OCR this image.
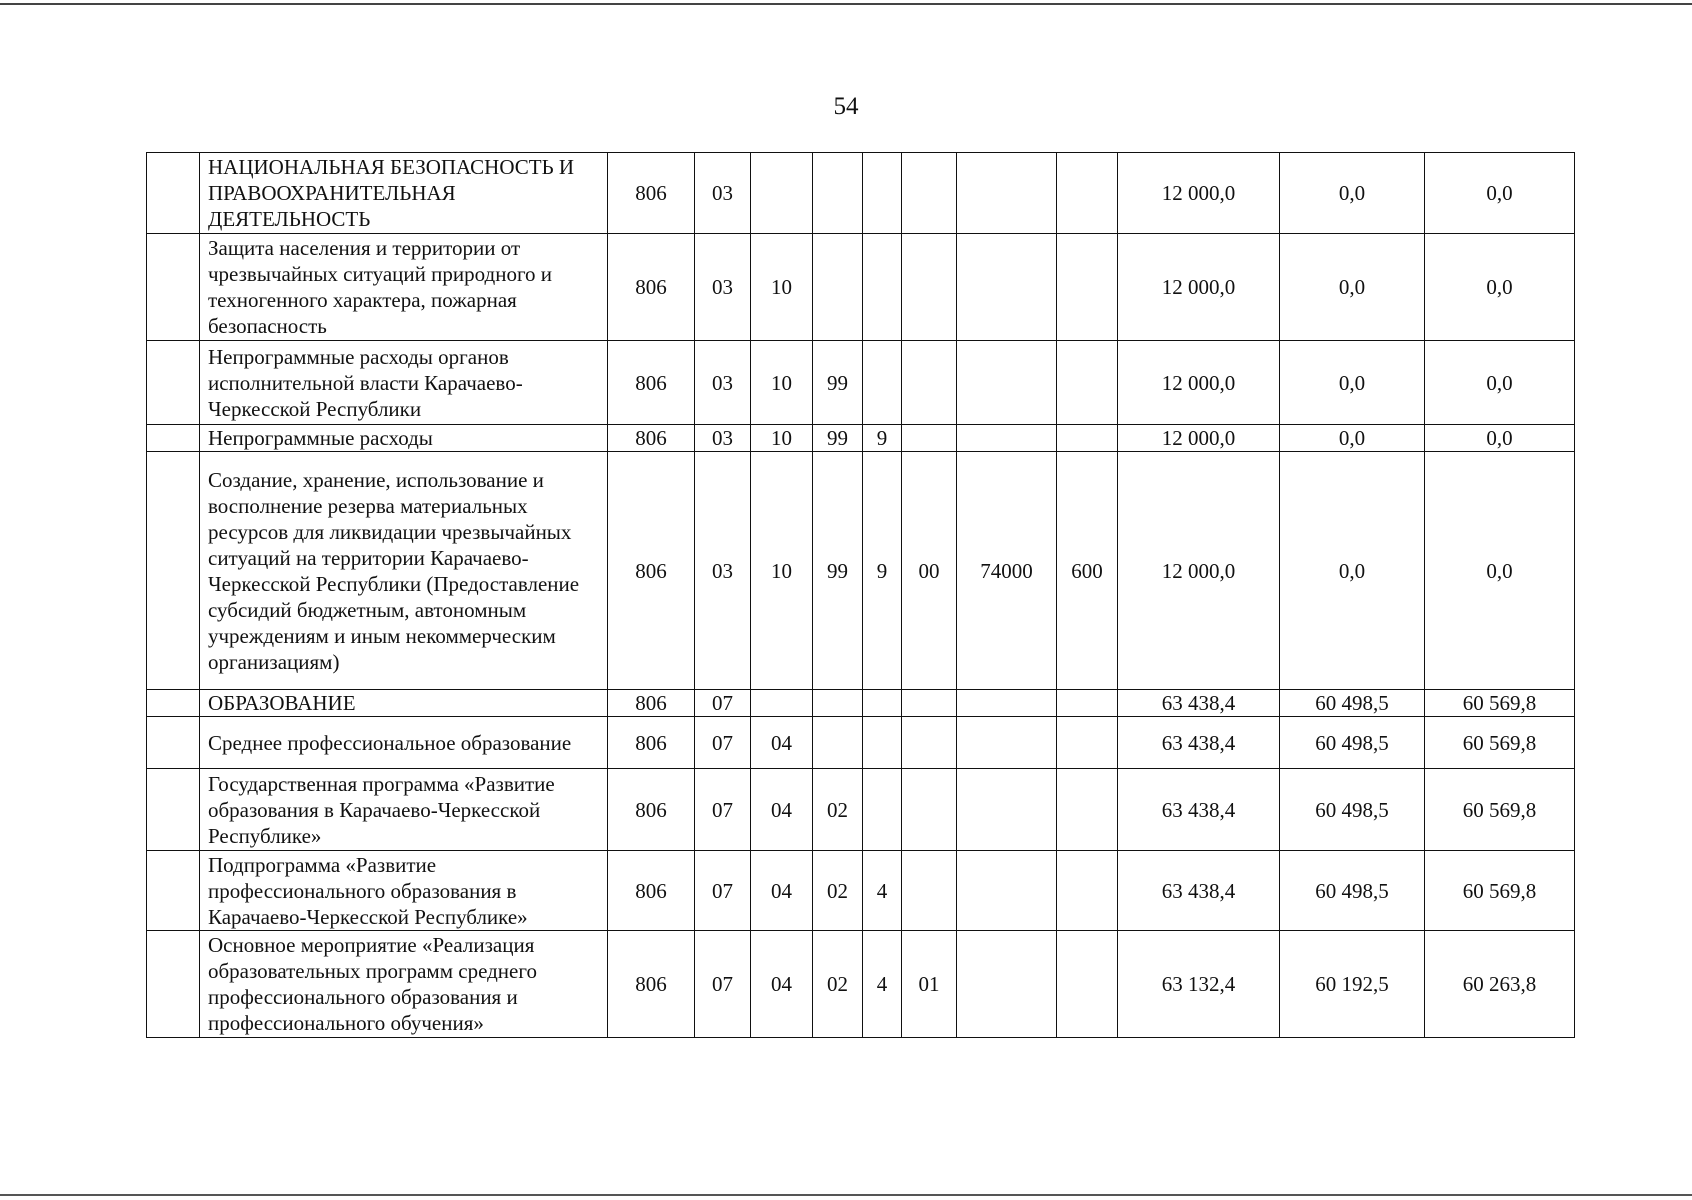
54
	НАЦИОНАЛЬНАЯ БЕЗОПАСНОСТЬ И ПРАВООХРАНИТЕЛЬНАЯ ДЕЯТЕЛЬНОСТЬ	806	03							12 000,0	0,0	0,0
	Защита населения и территории от чрезвычайных ситуаций природного и техногенного характера, пожарная безопасность	806	03	10						12 000,0	0,0	0,0
	Непрограммные расходы органов исполнительной власти Карачаево-Черкесской Республики	806	03	10	99					12 000,0	0,0	0,0
	Непрограммные расходы	806	03	10	99	9				12 000,0	0,0	0,0
	Создание, хранение, использование и восполнение резерва материальных ресурсов для ликвидации чрезвычайных ситуаций на территории Карачаево-Черкесской Республики (Предоставление субсидий бюджетным, автономным учреждениям и иным некоммерческим организациям)	806	03	10	99	9	00	74000	600	12 000,0	0,0	0,0
	ОБРАЗОВАНИЕ	806	07							63 438,4	60 498,5	60 569,8
	Среднее профессиональное образование	806	07	04						63 438,4	60 498,5	60 569,8
	Государственная программа «Развитие образования в Карачаево-Черкесской Республике»	806	07	04	02					63 438,4	60 498,5	60 569,8
	Подпрограмма «Развитие профессионального образования в Карачаево-Черкесской Республике»	806	07	04	02	4				63 438,4	60 498,5	60 569,8
	Основное мероприятие «Реализация образовательных программ среднего профессионального образования и профессионального обучения»	806	07	04	02	4	01			63 132,4	60 192,5	60 263,8
